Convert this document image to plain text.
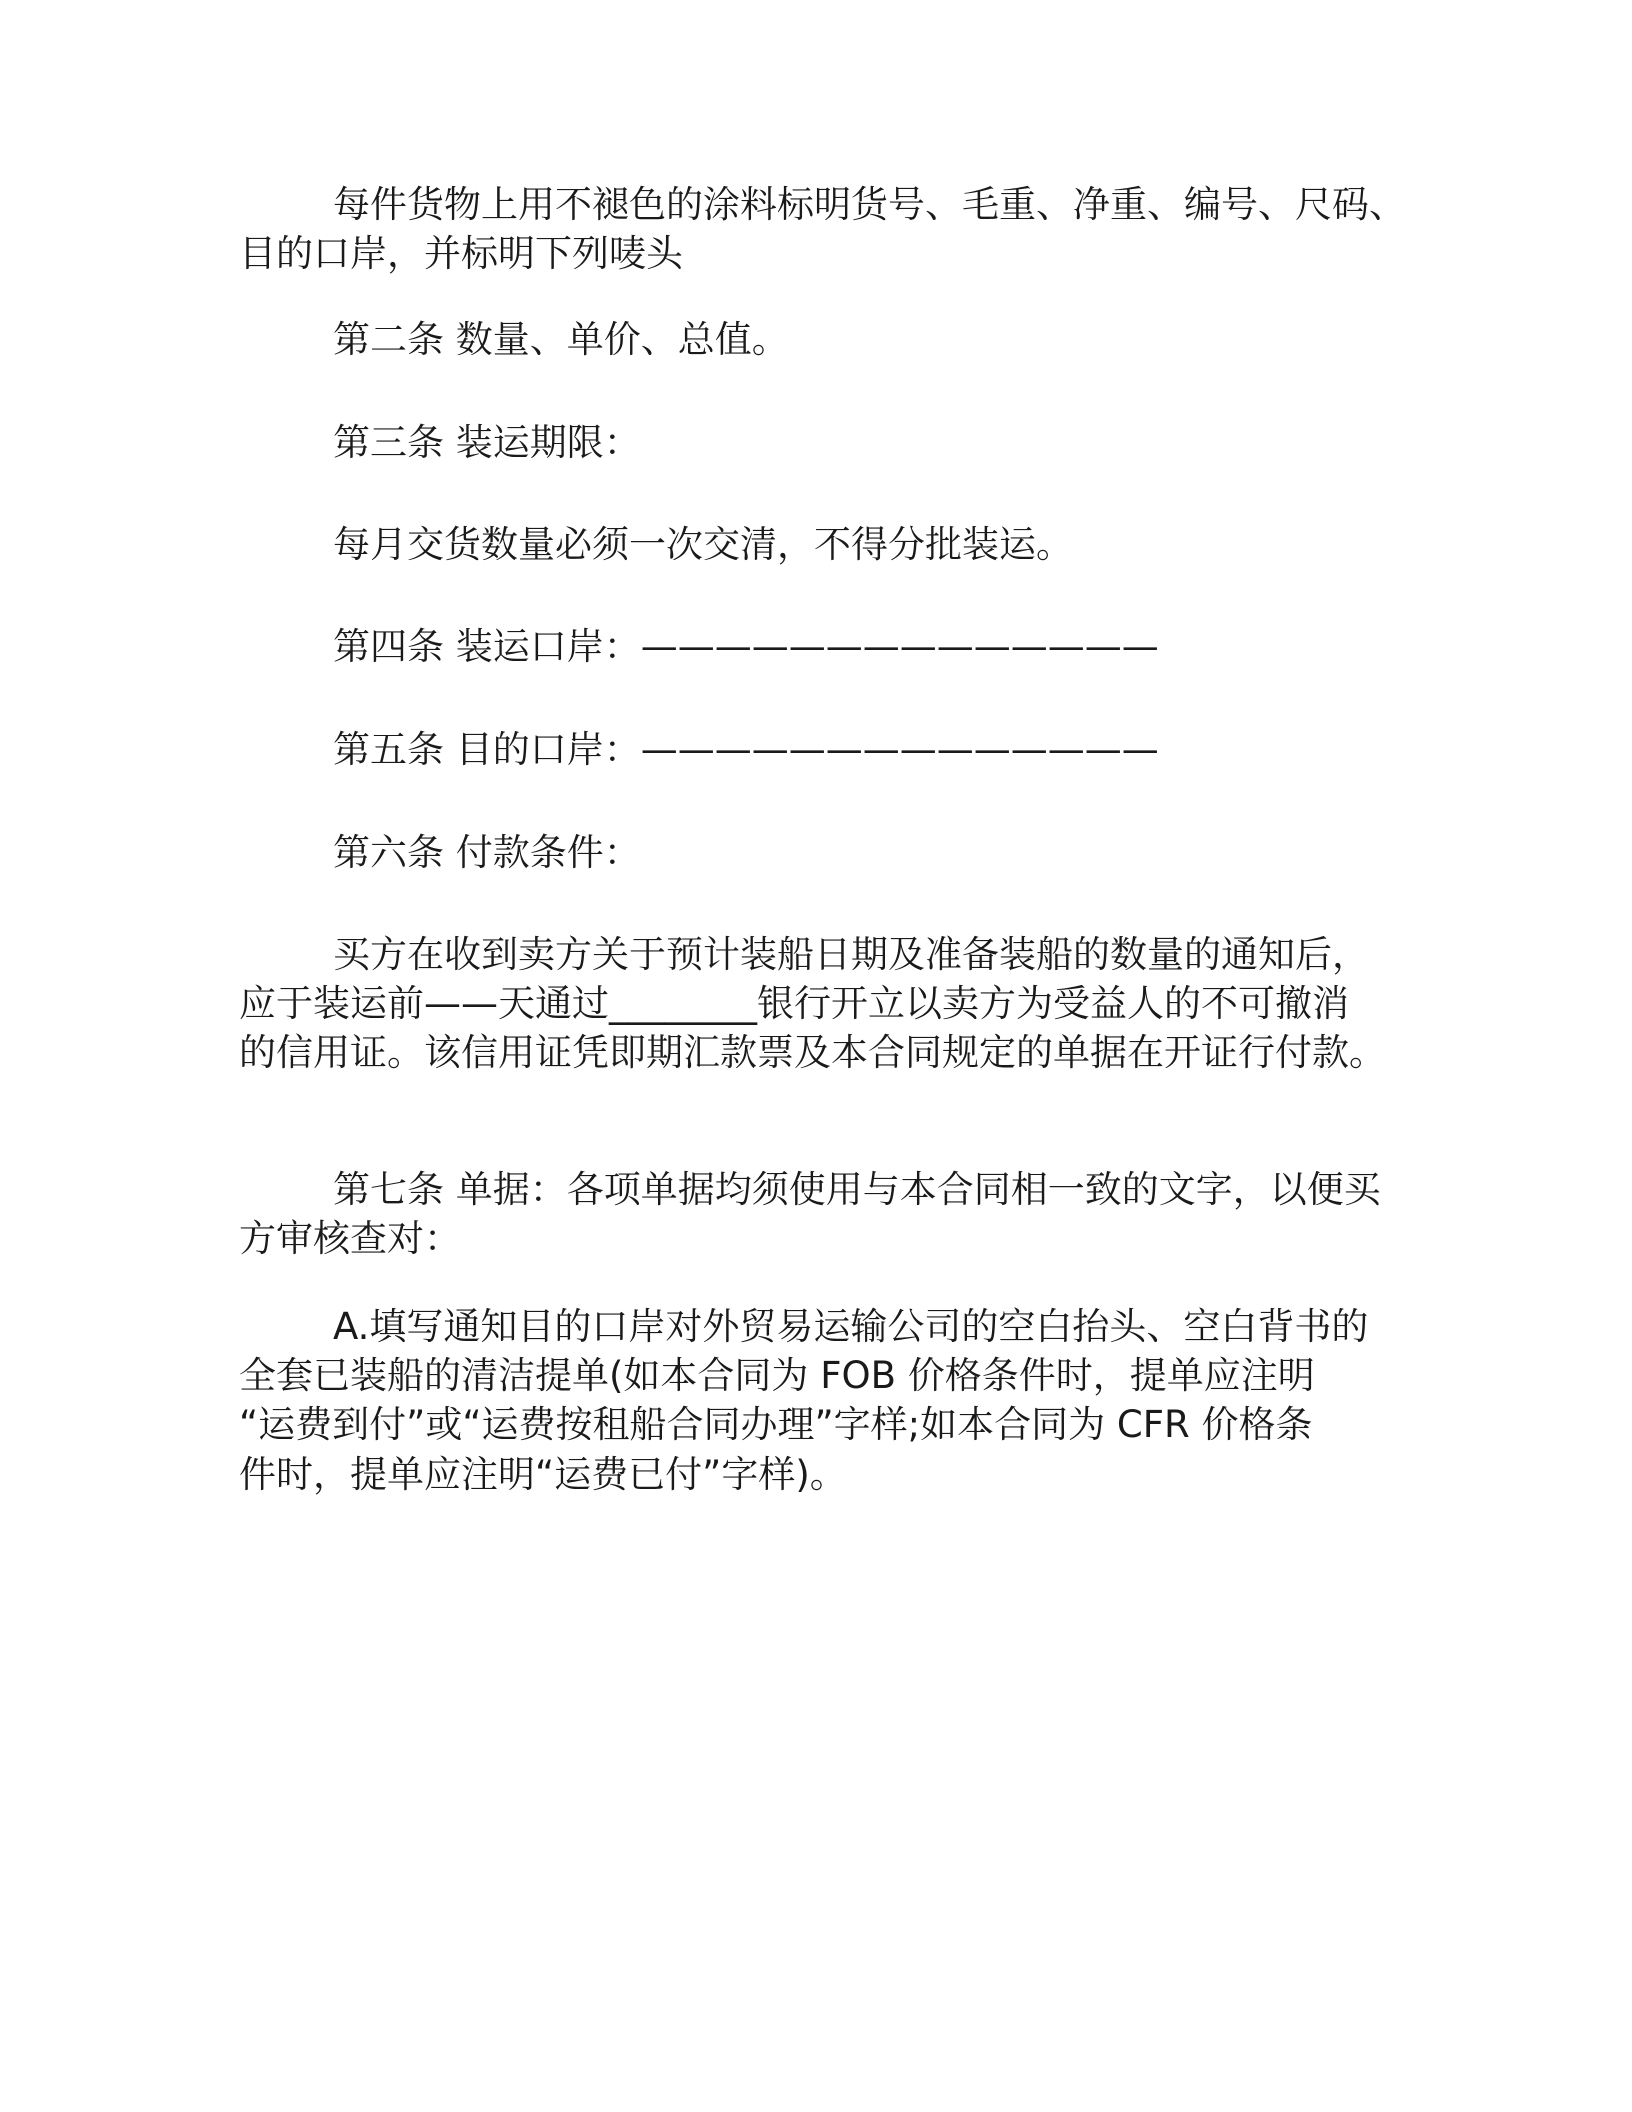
每件货物上用不褪色的涂料标明货号、毛重、净重、编号、尺码、
目的口岸，并标明下列唛头
第二条 数量、单价、总值。
第三条 装运期限：
每月交货数量必须一次交清，不得分批装运。
第四条 装运口岸：——————————————
第五条 目的口岸：——————————————
第六条 付款条件：
买方在收到卖方关于预计装船日期及准备装船的数量的通知后，
应于装运前——天通过________银行开立以卖方为受益人的不可撤消
的信用证。该信用证凭即期汇款票及本合同规定的单据在开证行付款。
第七条 单据：各项单据均须使用与本合同相一致的文字，以便买
方审核查对：
A.填写通知目的口岸对外贸易运输公司的空白抬头、空白背书的
全套已装船的清洁提单(如本合同为 FOB 价格条件时，提单应注明
“运费到付”或“运费按租船合同办理”字样;如本合同为 CFR 价格条
件时，提单应注明“运费已付”字样)。
